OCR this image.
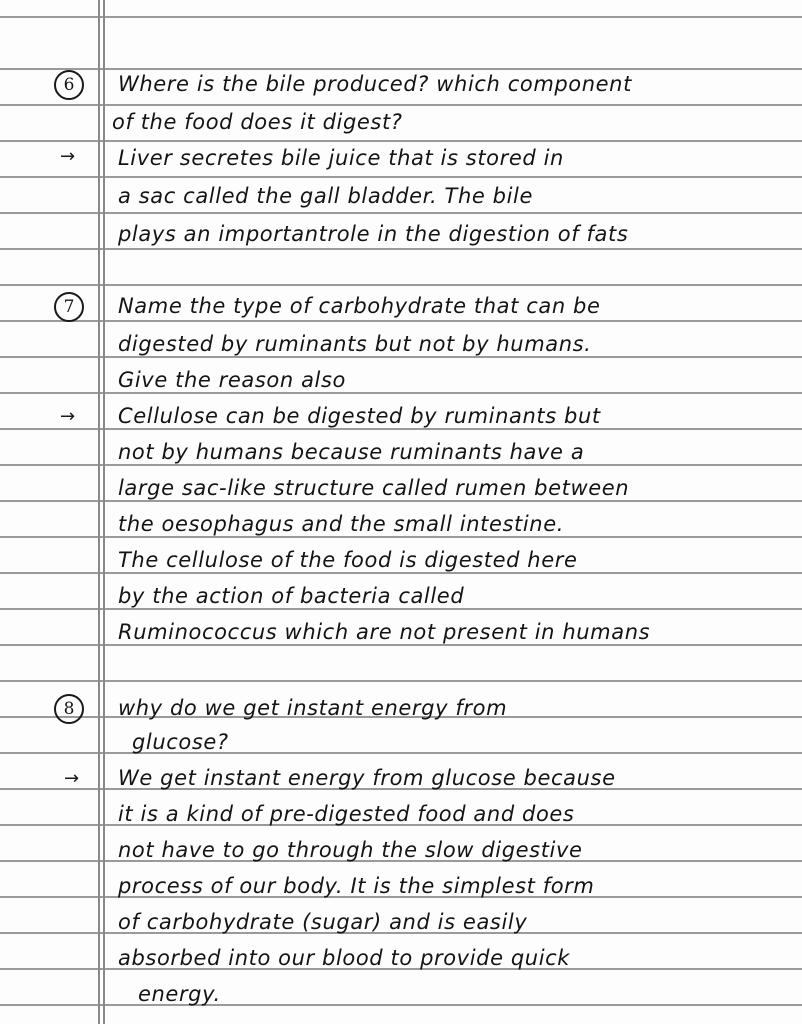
6	Where is the bile produced? which component
of the food does it digest?
→ Liver secretes bile juice that is stored in
a sac called the gall bladder. The bile
plays an importantrole in the digestion of fats
7	Name the type of carbohydrate that can be
digested by ruminants but not by humans.
Give the reason also
→ Cellulose can be digested by ruminants but
not by humans because ruminants have a
large sac-like structure called rumen between
the oesophagus and the small intestine.
The cellulose of the food is digested here
by the action of bacteria called
Ruminococcus which are not present in humans
8	why do we get instant energy from
glucose?
→ We get instant energy from glucose because
it is a kind of pre-digested food and does
not have to go through the slow digestive
process of our body. It is the simplest form
of carbohydrate (sugar) and is easily
absorbed into our blood to provide quick
energy.
